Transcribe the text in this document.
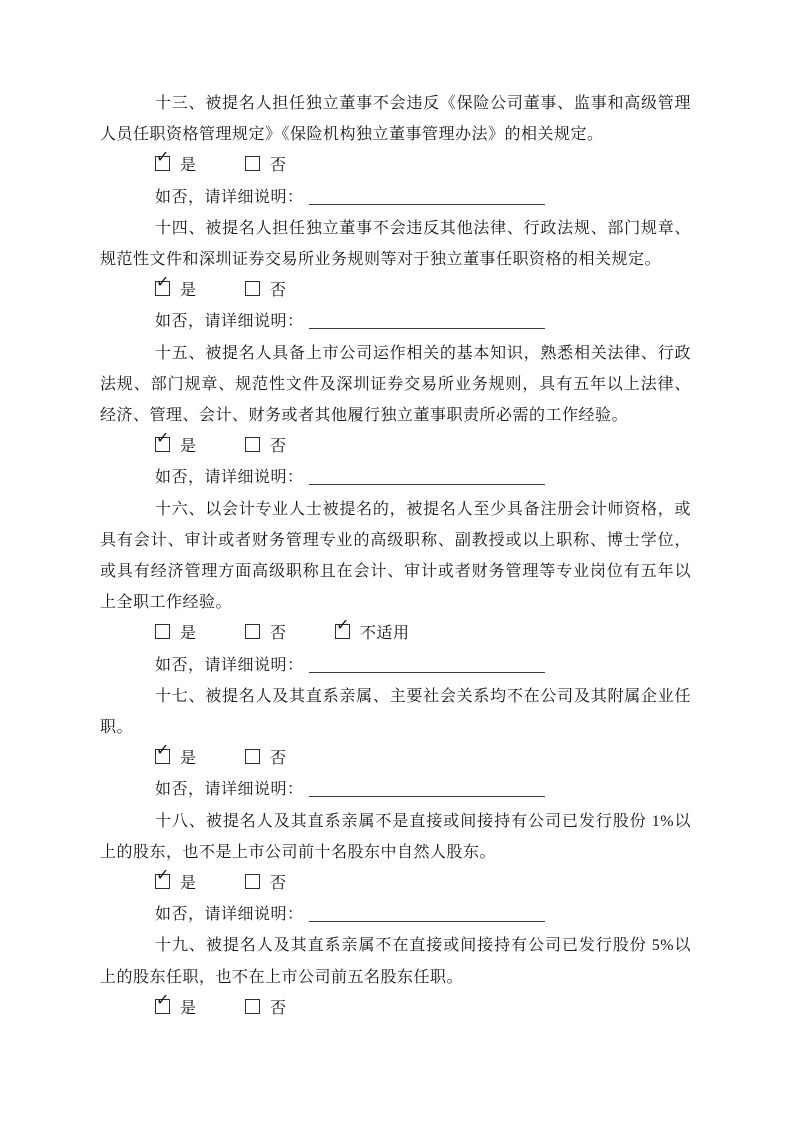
十三、被提名人担任独立董事不会违反《保险公司董事、监事和高级管理人员任职资格管理规定》《保险机构独立董事管理办法》的相关规定。

✓ 是	否
如否，请详细说明：

十四、被提名人担任独立董事不会违反其他法律、行政法规、部门规章、规范性文件和深圳证券交易所业务规则等对于独立董事任职资格的相关规定。

✓ 是	否
如否，请详细说明：

十五、被提名人具备上市公司运作相关的基本知识，熟悉相关法律、行政法规、部门规章、规范性文件及深圳证券交易所业务规则，具有五年以上法律、经济、管理、会计、财务或者其他履行独立董事职责所必需的工作经验。

✓ 是	否
如否，请详细说明：

十六、以会计专业人士被提名的，被提名人至少具备注册会计师资格，或具有会计、审计或者财务管理专业的高级职称、副教授或以上职称、博士学位，或具有经济管理方面高级职称且在会计、审计或者财务管理等专业岗位有五年以上全职工作经验。

是	否	✓ 不适用
如否，请详细说明：

十七、被提名人及其直系亲属、主要社会关系均不在公司及其附属企业任职。

✓ 是	否
如否，请详细说明：

十八、被提名人及其直系亲属不是直接或间接持有公司已发行股份 1%以上的股东，也不是上市公司前十名股东中自然人股东。

✓ 是	否
如否，请详细说明：

十九、被提名人及其直系亲属不在直接或间接持有公司已发行股份 5%以上的股东任职，也不在上市公司前五名股东任职。

✓ 是	否
